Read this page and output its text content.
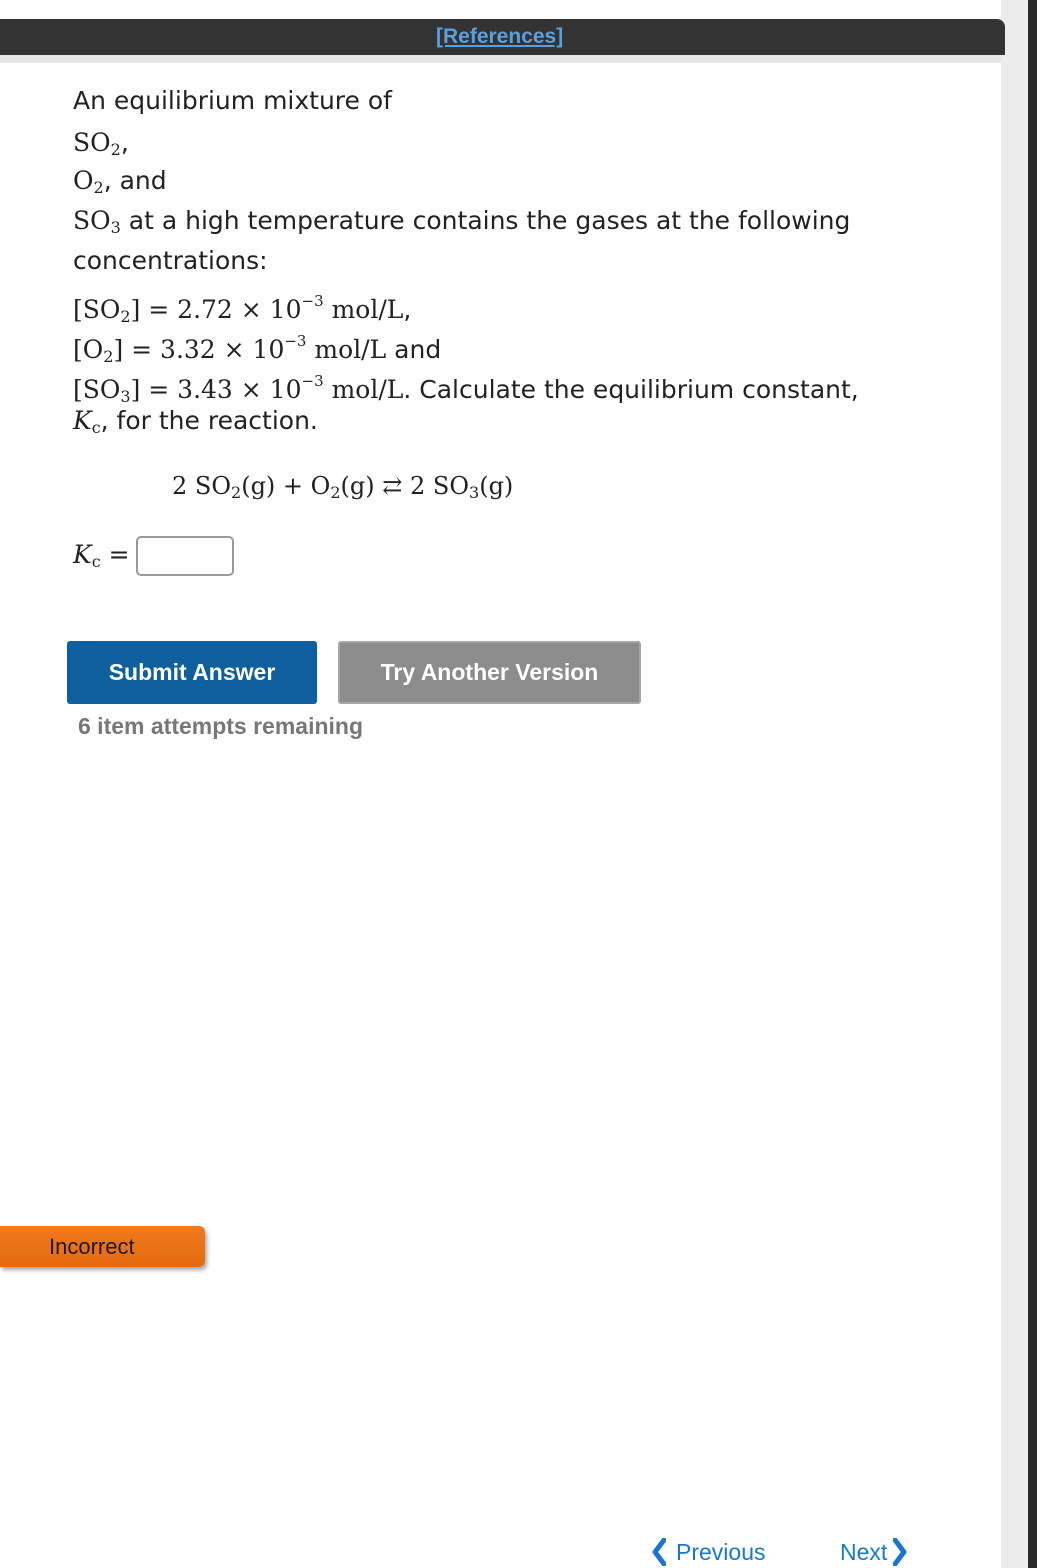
[References]
An equilibrium mixture of
$SO_2$,
$O_2$, and
$SO_3$ at a high temperature contains the gases at the following
concentrations:
$[SO_2] = 2.72 \times 10^{-3}$ mol/L,
$[O_2] = 3.32 \times 10^{-3}$ mol/L and
$[SO_3] = 3.43 \times 10^{-3}$ mol/L. Calculate the equilibrium constant,
$K_c$, for the reaction.
2 $SO_2(g) + O_2(g)$ ⇄ 2 $SO_3(g)$
$K_c$ =
Submit Answer	Try Another Version
6 item attempts remaining
Incorrect
Previous	Next
